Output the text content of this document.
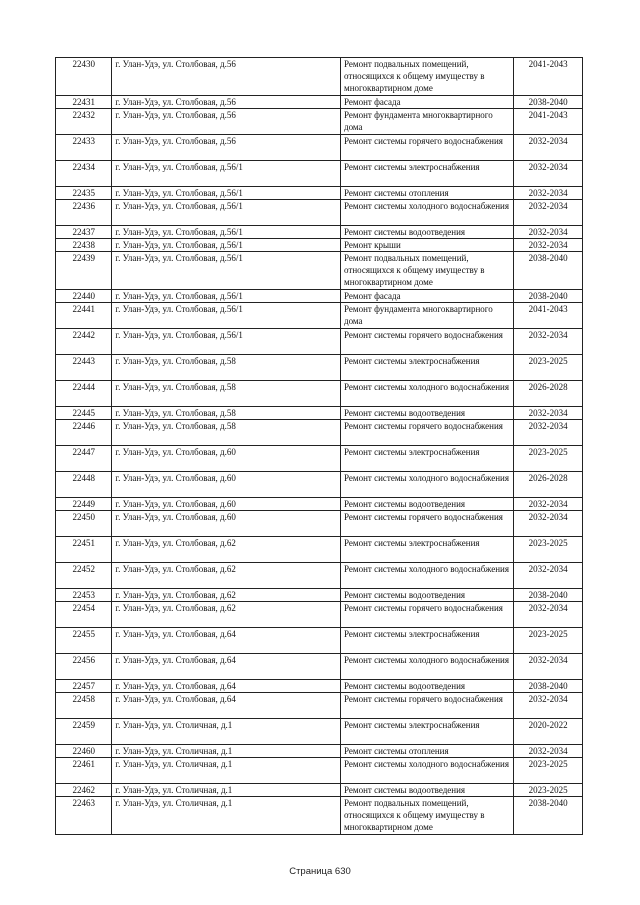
22430	г. Улан-Удэ, ул. Столбовая, д.56	Ремонт подвальных помещений, относящихся к общему имуществу в многоквартирном доме	2041-2043
22431	г. Улан-Удэ, ул. Столбовая, д.56	Ремонт фасада	2038-2040
22432	г. Улан-Удэ, ул. Столбовая, д.56	Ремонт фундамента многоквартирного дома	2041-2043
22433	г. Улан-Удэ, ул. Столбовая, д.56	Ремонт системы горячего водоснабжения	2032-2034
22434	г. Улан-Удэ, ул. Столбовая, д.56/1	Ремонт системы электроснабжения	2032-2034
22435	г. Улан-Удэ, ул. Столбовая, д.56/1	Ремонт системы отопления	2032-2034
22436	г. Улан-Удэ, ул. Столбовая, д.56/1	Ремонт системы холодного водоснабжения	2032-2034
22437	г. Улан-Удэ, ул. Столбовая, д.56/1	Ремонт системы водоотведения	2032-2034
22438	г. Улан-Удэ, ул. Столбовая, д.56/1	Ремонт крыши	2032-2034
22439	г. Улан-Удэ, ул. Столбовая, д.56/1	Ремонт подвальных помещений, относящихся к общему имуществу в многоквартирном доме	2038-2040
22440	г. Улан-Удэ, ул. Столбовая, д.56/1	Ремонт фасада	2038-2040
22441	г. Улан-Удэ, ул. Столбовая, д.56/1	Ремонт фундамента многоквартирного дома	2041-2043
22442	г. Улан-Удэ, ул. Столбовая, д.56/1	Ремонт системы горячего водоснабжения	2032-2034
22443	г. Улан-Удэ, ул. Столбовая, д.58	Ремонт системы электроснабжения	2023-2025
22444	г. Улан-Удэ, ул. Столбовая, д.58	Ремонт системы холодного водоснабжения	2026-2028
22445	г. Улан-Удэ, ул. Столбовая, д.58	Ремонт системы водоотведения	2032-2034
22446	г. Улан-Удэ, ул. Столбовая, д.58	Ремонт системы горячего водоснабжения	2032-2034
22447	г. Улан-Удэ, ул. Столбовая, д.60	Ремонт системы электроснабжения	2023-2025
22448	г. Улан-Удэ, ул. Столбовая, д.60	Ремонт системы холодного водоснабжения	2026-2028
22449	г. Улан-Удэ, ул. Столбовая, д.60	Ремонт системы водоотведения	2032-2034
22450	г. Улан-Удэ, ул. Столбовая, д.60	Ремонт системы горячего водоснабжения	2032-2034
22451	г. Улан-Удэ, ул. Столбовая, д.62	Ремонт системы электроснабжения	2023-2025
22452	г. Улан-Удэ, ул. Столбовая, д.62	Ремонт системы холодного водоснабжения	2032-2034
22453	г. Улан-Удэ, ул. Столбовая, д.62	Ремонт системы водоотведения	2038-2040
22454	г. Улан-Удэ, ул. Столбовая, д.62	Ремонт системы горячего водоснабжения	2032-2034
22455	г. Улан-Удэ, ул. Столбовая, д.64	Ремонт системы электроснабжения	2023-2025
22456	г. Улан-Удэ, ул. Столбовая, д.64	Ремонт системы холодного водоснабжения	2032-2034
22457	г. Улан-Удэ, ул. Столбовая, д.64	Ремонт системы водоотведения	2038-2040
22458	г. Улан-Удэ, ул. Столбовая, д.64	Ремонт системы горячего водоснабжения	2032-2034
22459	г. Улан-Удэ, ул. Столичная, д.1	Ремонт системы электроснабжения	2020-2022
22460	г. Улан-Удэ, ул. Столичная, д.1	Ремонт системы отопления	2032-2034
22461	г. Улан-Удэ, ул. Столичная, д.1	Ремонт системы холодного водоснабжения	2023-2025
22462	г. Улан-Удэ, ул. Столичная, д.1	Ремонт системы водоотведения	2023-2025
22463	г. Улан-Удэ, ул. Столичная, д.1	Ремонт подвальных помещений, относящихся к общему имуществу в многоквартирном доме	2038-2040
Страница 630
